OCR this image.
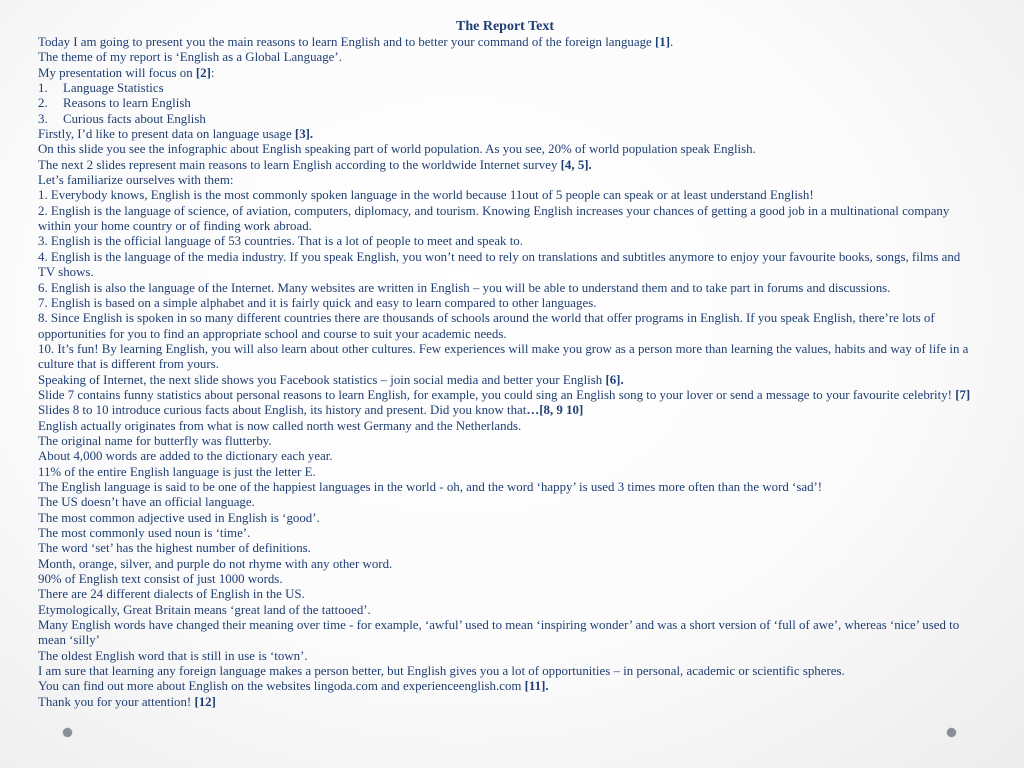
The Report Text

Today I am going to present you the main reasons to learn English and to better your command of the foreign language [1].

The theme of my report is ‘English as a Global Language’.

My presentation will focus on [2]:

1. Language Statistics

2. Reasons to learn English

3. Curious facts about English

Firstly, I’d like to present data on language usage [3].

On this slide you see the infographic about English speaking part of world population. As you see, 20% of world population speak English.

The next 2 slides represent main reasons to learn English according to the worldwide Internet survey [4, 5].

Let’s familiarize ourselves with them:

1. Everybody knows, English is the most commonly spoken language in the world because 11out of 5 people can speak or at least understand English!

2. English is the language of science, of aviation, computers, diplomacy, and tourism. Knowing English increases your chances of getting a good job in a multinational company within your home country or of finding work abroad.

3. English is the official language of 53 countries. That is a lot of people to meet and speak to.

4. English is the language of the media industry. If you speak English, you won’t need to rely on translations and subtitles anymore to enjoy your favourite books, songs, films and TV shows.

6. English is also the language of the Internet. Many websites are written in English – you will be able to understand them and to take part in forums and discussions.

7. English is based on a simple alphabet and it is fairly quick and easy to learn compared to other languages.

8. Since English is spoken in so many different countries there are thousands of schools around the world that offer programs in English. If you speak English, there’re lots of opportunities for you to find an appropriate school and course to suit your academic needs.

10. It’s fun! By learning English, you will also learn about other cultures. Few experiences will make you grow as a person more than learning the values, habits and way of life in a culture that is different from yours.

Speaking of Internet, the next slide shows you Facebook statistics – join social media and better your English [6].

Slide 7 contains funny statistics about personal reasons to learn English, for example, you could sing an English song to your lover or send a message to your favourite celebrity! [7]

Slides 8 to 10 introduce curious facts about English, its history and present. Did you know that…[8, 9 10]

English actually originates from what is now called north west Germany and the Netherlands.

The original name for butterfly was flutterby.

About 4,000 words are added to the dictionary each year.

11% of the entire English language is just the letter E.

The English language is said to be one of the happiest languages in the world - oh, and the word ‘happy’ is used 3 times more often than the word ‘sad’!

The US doesn’t have an official language.

The most common adjective used in English is ‘good’.

The most commonly used noun is ‘time’.

The word ‘set’ has the highest number of definitions.

Month, orange, silver, and purple do not rhyme with any other word.

90% of English text consist of just 1000 words.

There are 24 different dialects of English in the US.

Etymologically, Great Britain means ‘great land of the tattooed’.

Many English words have changed their meaning over time - for example, ‘awful’ used to mean ‘inspiring wonder’ and was a short version of ‘full of awe’, whereas ‘nice’ used to mean ‘silly’

The oldest English word that is still in use is ‘town’.

I am sure that learning any foreign language makes a person better, but English gives you a lot of opportunities – in personal, academic or scientific spheres.

You can find out more about English on the websites lingoda.com and experienceenglish.com [11].

Thank you for your attention! [12]
